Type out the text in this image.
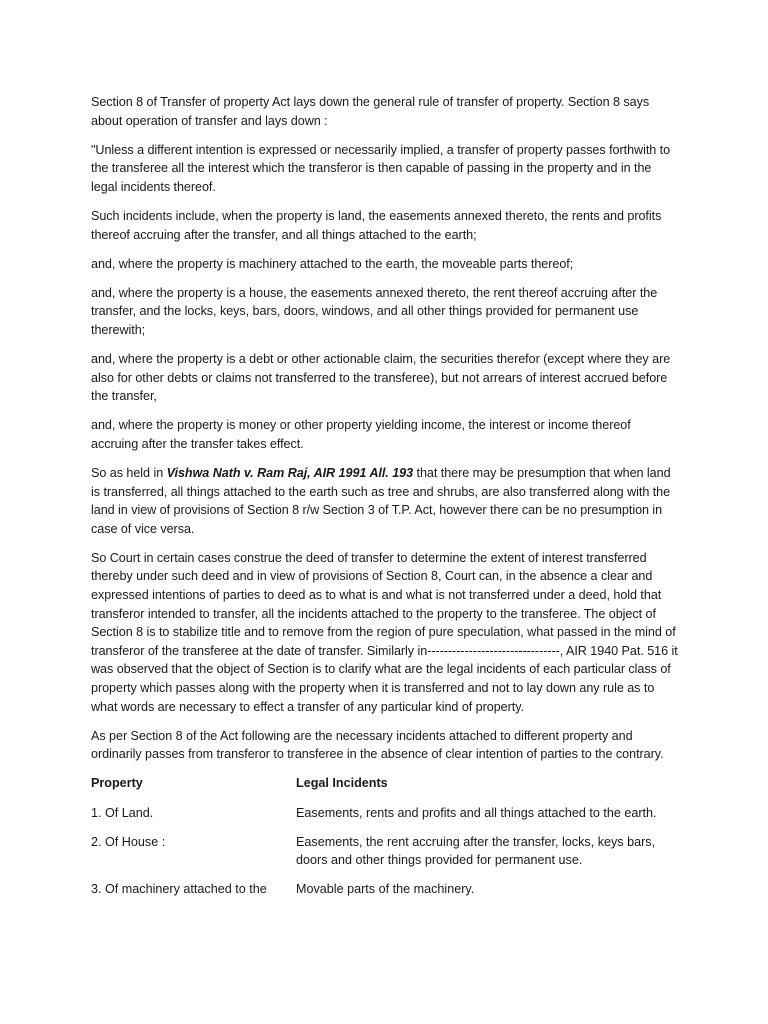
Section 8 of Transfer of property Act lays down the general rule of transfer of property. Section 8 says about operation of transfer and lays down :

"Unless a different intention is expressed or necessarily implied, a transfer of property passes forthwith to the transferee all the interest which the transferor is then capable of passing in the property and in the legal incidents thereof.

Such incidents include, when the property is land, the easements annexed thereto, the rents and profits thereof accruing after the transfer, and all things attached to the earth;

and, where the property is machinery attached to the earth, the moveable parts thereof;

and, where the property is a house, the easements annexed thereto, the rent thereof accruing after the transfer, and the locks, keys, bars, doors, windows, and all other things provided for permanent use therewith;

and, where the property is a debt or other actionable claim, the securities therefor (except where they are also for other debts or claims not transferred to the transferee), but not arrears of interest accrued before the transfer,

and, where the property is money or other property yielding income, the interest or income thereof accruing after the transfer takes effect.

So as held in Vishwa Nath v. Ram Raj, AIR 1991 All. 193 that there may be presumption that when land is transferred, all things attached to the earth such as tree and shrubs, are also transferred along with the land in view of provisions of Section 8 r/w Section 3 of T.P. Act, however there can be no presumption in case of vice versa.

So Court in certain cases construe the deed of transfer to determine the extent of interest transferred thereby under such deed and in view of provisions of Section 8, Court can, in the absence a clear and expressed intentions of parties to deed as to what is and what is not transferred under a deed, hold that transferor intended to transfer, all the incidents attached to the property to the transferee. The object of Section 8 is to stabilize title and to remove from the region of pure speculation, what passed in the mind of transferor of the transferee at the date of transfer. Similarly in--------------------------------, AIR 1940 Pat. 516 it was observed that the object of Section is to clarify what are the legal incidents of each particular class of property which passes along with the property when it is transferred and not to lay down any rule as to what words are necessary to effect a transfer of any particular kind of property.

As per Section 8 of the Act following are the necessary incidents attached to different property and ordinarily passes from transferor to transferee in the absence of clear intention of parties to the contrary.

Property	Legal Incidents
1. Of Land.	Easements, rents and profits and all things attached to the earth.
2. Of House :	Easements, the rent accruing after the transfer, locks, keys bars, doors and other things provided for permanent use.
3. Of machinery attached to the	Movable parts of the machinery.
